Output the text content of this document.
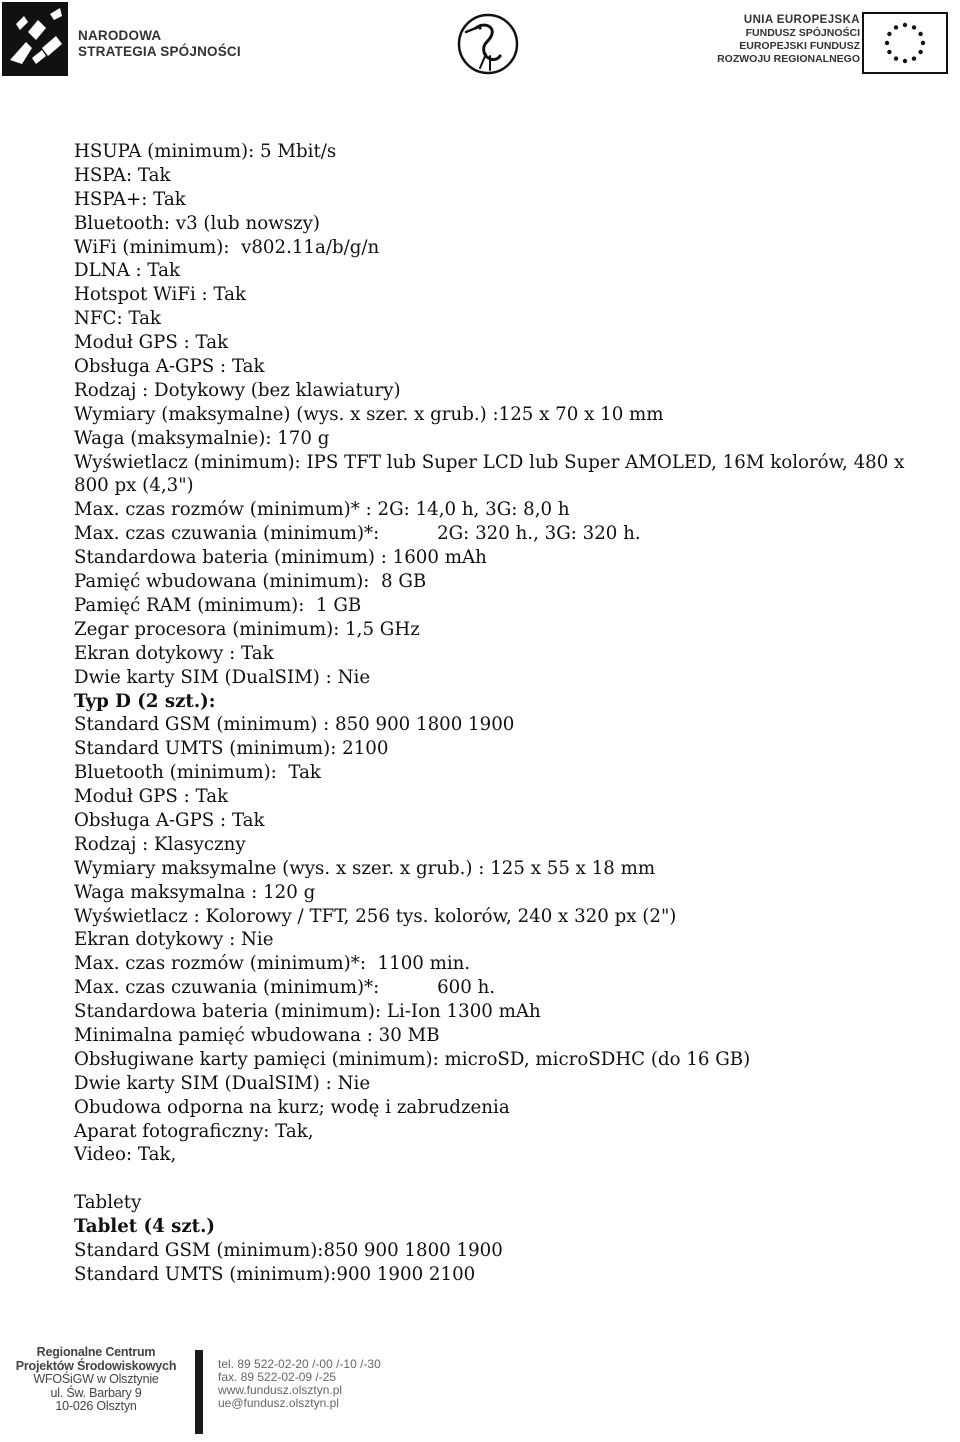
NARODOWA
STRATEGIA SPÓJNOŚCI
UNIA EUROPEJSKA
FUNDUSZ SPÓJNOŚCI
EUROPEJSKI FUNDUSZ
ROZWOJU REGIONALNEGO
HSUPA (minimum): 5 Mbit/s
HSPA: Tak
HSPA+: Tak
Bluetooth: v3 (lub nowszy)
WiFi (minimum):  v802.11a/b/g/n
DLNA : Tak
Hotspot WiFi : Tak
NFC: Tak
Moduł GPS : Tak
Obsługa A-GPS : Tak
Rodzaj : Dotykowy (bez klawiatury)
Wymiary (maksymalne) (wys. x szer. x grub.) :125 x 70 x 10 mm
Waga (maksymalnie): 170 g
Wyświetlacz (minimum): IPS TFT lub Super LCD lub Super AMOLED, 16M kolorów, 480 x 800 px (4,3")
Max. czas rozmów (minimum)* : 2G: 14,0 h, 3G: 8,0 h
Max. czas czuwania (minimum)*:          2G: 320 h., 3G: 320 h.
Standardowa bateria (minimum) : 1600 mAh
Pamięć wbudowana (minimum):  8 GB
Pamięć RAM (minimum):  1 GB
Zegar procesora (minimum): 1,5 GHz
Ekran dotykowy : Tak
Dwie karty SIM (DualSIM) : Nie
Typ D (2 szt.):
Standard GSM (minimum) : 850 900 1800 1900
Standard UMTS (minimum): 2100
Bluetooth (minimum):  Tak
Moduł GPS : Tak
Obsługa A-GPS : Tak
Rodzaj : Klasyczny
Wymiary maksymalne (wys. x szer. x grub.) : 125 x 55 x 18 mm
Waga maksymalna : 120 g
Wyświetlacz : Kolorowy / TFT, 256 tys. kolorów, 240 x 320 px (2")
Ekran dotykowy : Nie
Max. czas rozmów (minimum)*:  1100 min.
Max. czas czuwania (minimum)*:          600 h.
Standardowa bateria (minimum): Li-Ion 1300 mAh
Minimalna pamięć wbudowana : 30 MB
Obsługiwane karty pamięci (minimum): microSD, microSDHC (do 16 GB)
Dwie karty SIM (DualSIM) : Nie
Obudowa odporna na kurz; wodę i zabrudzenia
Aparat fotograficzny: Tak,
Video: Tak,
Tablety
Tablet (4 szt.)
Standard GSM (minimum):850 900 1800 1900
Standard UMTS (minimum):900 1900 2100
Regionalne Centrum
Projektów Środowiskowych
WFOŚiGW w Olsztynie
ul. Św. Barbary 9
10-026 Olsztyn
tel. 89 522-02-20 /-00 /-10 /-30
fax. 89 522-02-09 /-25
www.fundusz.olsztyn.pl
ue@fundusz.olsztyn.pl
